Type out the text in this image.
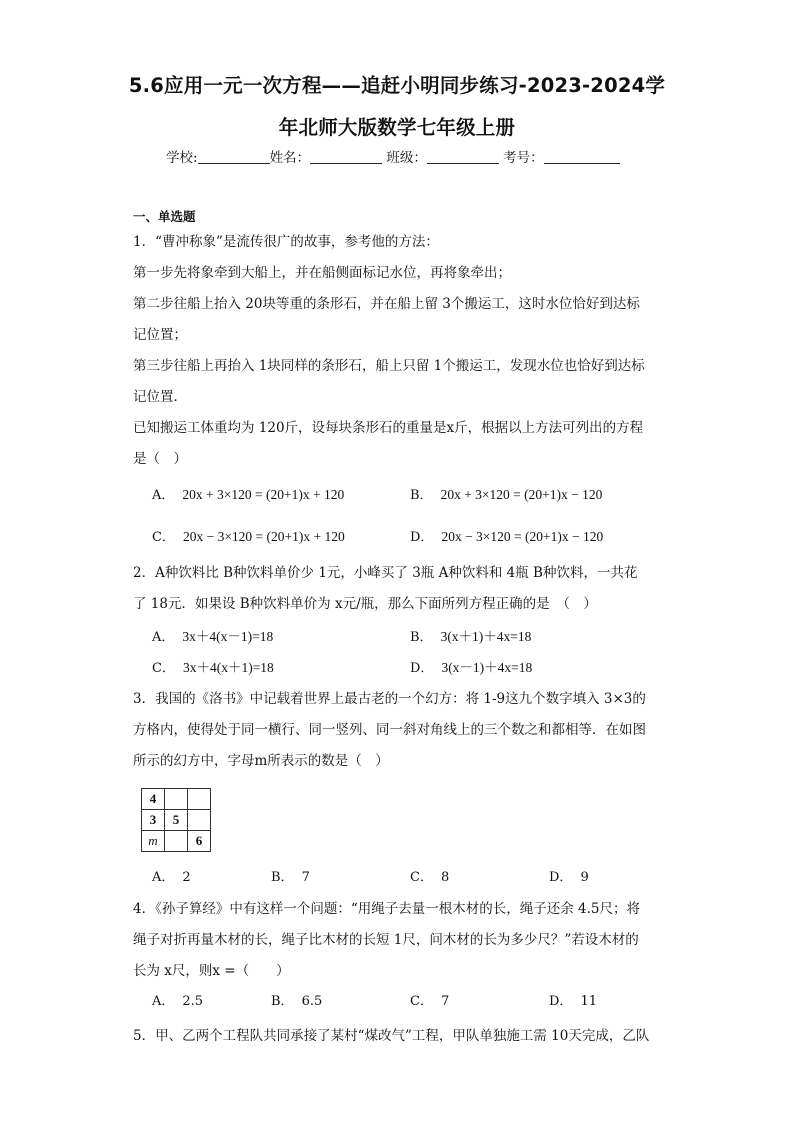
5.6应用一元一次方程——追赶小明同步练习-2023-2024学
年北师大版数学七年级上册
学校:	姓名：	班级：	考号：
一、单选题
1．“曹冲称象”是流传很广的故事，参考他的方法：
第一步先将象牵到大船上，并在船侧面标记水位，再将象牵出；
第二步往船上抬入 20块等重的条形石，并在船上留 3个搬运工，这时水位恰好到达标
记位置；
第三步往船上再抬入 1块同样的条形石，船上只留 1个搬运工，发现水位也恰好到达标
记位置．
已知搬运工体重均为 120斤，设每块条形石的重量是x斤，根据以上方法可列出的方程
是（　）
A． 20x + 3×120 = (20+1)x + 120	B． 20x + 3×120 = (20+1)x − 120
C． 20x − 3×120 = (20+1)x + 120	D． 20x − 3×120 = (20+1)x − 120
2．A种饮料比 B种饮料单价少 1元，小峰买了 3瓶 A种饮料和 4瓶 B种饮料，一共花
了 18元．如果设 B种饮料单价为 x元/瓶，那么下面所列方程正确的是　（　）
A． 3x＋4(x－1)=18	B． 3(x＋1)＋4x=18
C． 3x＋4(x＋1)=18	D． 3(x－1)＋4x=18
3．我国的《洛书》中记载着世界上最古老的一个幻方：将 1-9这九个数字填入 3×3的
方格内，使得处于同一横行、同一竖列、同一斜对角线上的三个数之和都相等．在如图
所示的幻方中，字母m所表示的数是（　）
4		
3	5	
m		6
A． 2	B． 7	C． 8	D． 9
4．《孙子算经》中有这样一个问题：“用绳子去量一根木材的长，绳子还余 4.5尺；将
绳子对折再量木材的长，绳子比木材的长短 1尺，问木材的长为多少尺？”若设木材的
长为 x尺，则x =（　　）
A． 2.5	B． 6.5	C． 7	D． 11
5．甲、乙两个工程队共同承接了某村“煤改气”工程，甲队单独施工需 10天完成，乙队
